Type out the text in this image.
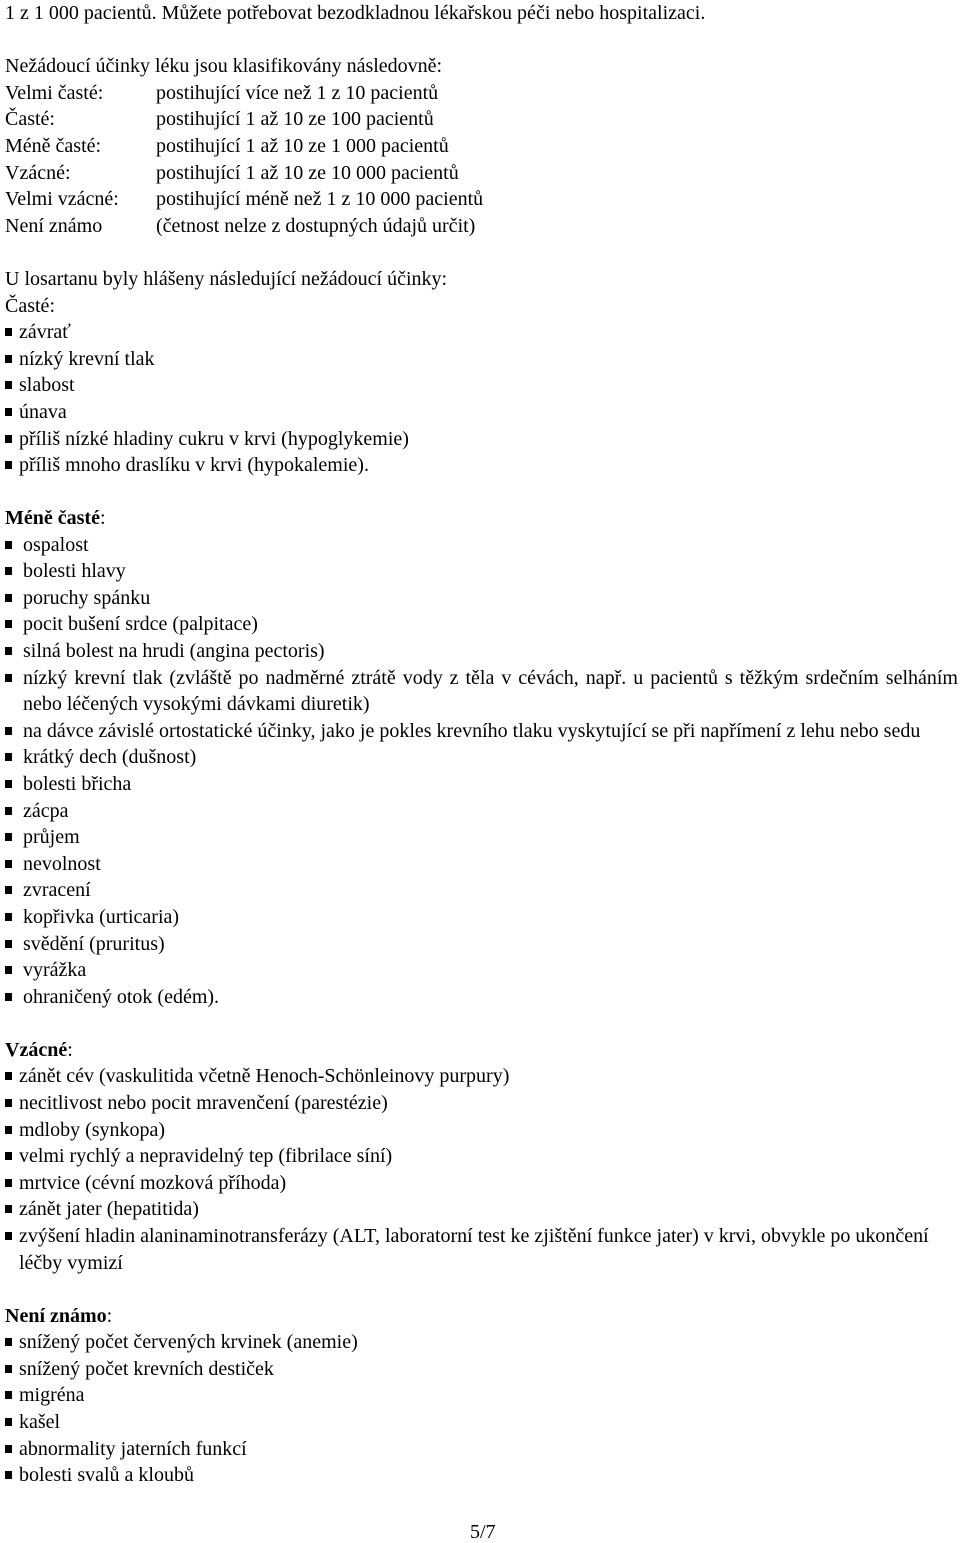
1 z 1 000 pacientů. Můžete potřebovat bezodkladnou lékařskou péči nebo hospitalizaci.
Nežádoucí účinky léku jsou klasifikovány následovně:
Velmi časté:	postihující více než 1 z 10 pacientů
Časté:	postihující 1 až 10 ze 100 pacientů
Méně časté:	postihující 1 až 10 ze 1 000 pacientů
Vzácné:	postihující 1 až 10 ze 10 000 pacientů
Velmi vzácné:	postihující méně než 1 z 10 000 pacientů
Není známo	(četnost nelze z dostupných údajů určit)
U losartanu byly hlášeny následující nežádoucí účinky:
Časté:
závrať
nízký krevní tlak
slabost
únava
příliš nízké hladiny cukru v krvi (hypoglykemie)
příliš mnoho draslíku v krvi (hypokalemie).
Méně časté:
ospalost
bolesti hlavy
poruchy spánku
pocit bušení srdce (palpitace)
silná bolest na hrudi (angina pectoris)
nízký krevní tlak (zvláště po nadměrné ztrátě vody z těla v cévách, např. u pacientů s těžkým srdečním selháním nebo léčených vysokými dávkami diuretik)
na dávce závislé ortostatické účinky, jako je pokles krevního tlaku vyskytující se při napřímení z lehu nebo sedu
krátký dech (dušnost)
bolesti břicha
zácpa
průjem
nevolnost
zvracení
kopřivka (urticaria)
svědění (pruritus)
vyrážka
ohraničený otok (edém).
Vzácné:
zánět cév (vaskulitida včetně Henoch-Schönleinovy purpury)
necitlivost nebo pocit mravenčení (parestézie)
mdloby (synkopa)
velmi rychlý a nepravidelný tep (fibrilace síní)
mrtvice (cévní mozková příhoda)
zánět jater (hepatitida)
zvýšení hladin alaninaminotransferázy (ALT, laboratorní test ke zjištění funkce jater) v krvi, obvykle po ukončení léčby vymizí
Není známo:
snížený počet červených krvinek (anemie)
snížený počet krevních destiček
migréna
kašel
abnormality jaterních funkcí
bolesti svalů a kloubů
5/7
